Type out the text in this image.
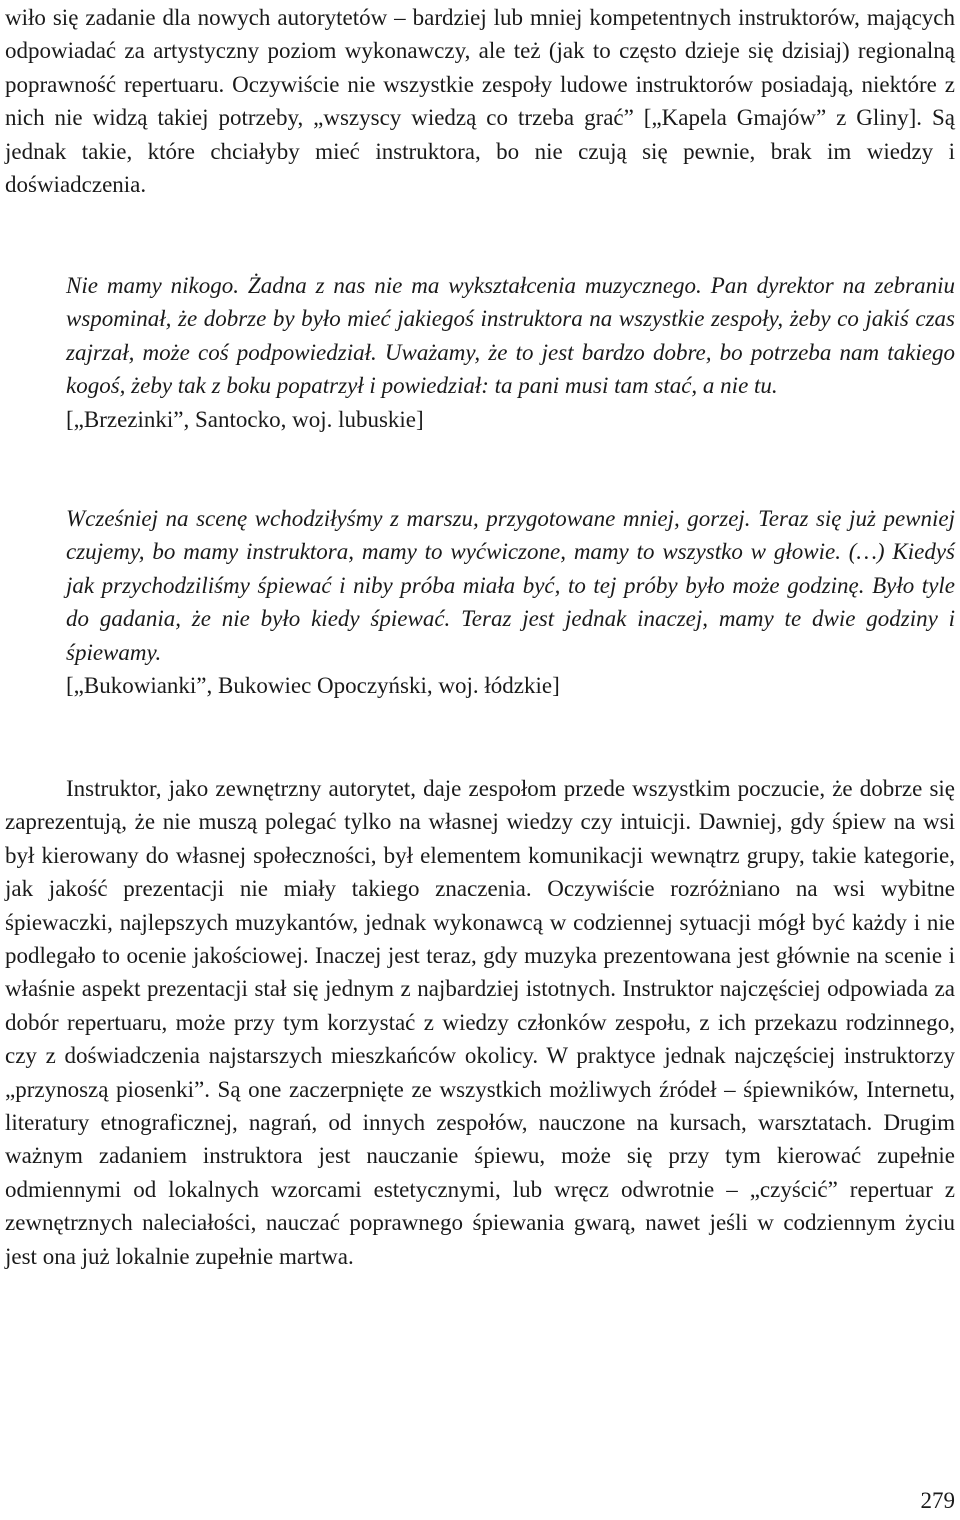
wiło się zadanie dla nowych autorytetów – bardziej lub mniej kompetentnych instruktorów, mających odpowiadać za artystyczny poziom wykonawczy, ale też (jak to często dzieje się dzisiaj) regionalną poprawność repertuaru. Oczywiście nie wszystkie zespoły ludowe instruktorów posiadają, niektóre z nich nie widzą takiej potrzeby, „wszyscy wiedzą co trzeba grać” [„Kapela Gmajów” z Gliny]. Są jednak takie, które chciałyby mieć instruktora, bo nie czują się pewnie, brak im wiedzy i doświadczenia.

Nie mamy nikogo. Żadna z nas nie ma wykształcenia muzycznego. Pan dyrektor na zebraniu wspominał, że dobrze by było mieć jakiegoś instruktora na wszystkie zespoły, żeby co jakiś czas zajrzał, może coś podpowiedział. Uważamy, że to jest bardzo dobre, bo potrzeba nam takiego kogoś, żeby tak z boku popatrzył i powiedział: ta pani musi tam stać, a nie tu.

[„Brzezinki”, Santocko, woj. lubuskie]

Wcześniej na scenę wchodziłyśmy z marszu, przygotowane mniej, gorzej. Teraz się już pewniej czujemy, bo mamy instruktora, mamy to wyćwiczone, mamy to wszystko w głowie. (…) Kiedyś jak przychodziliśmy śpiewać i niby próba miała być, to tej próby było może godzinę. Było tyle do gadania, że nie było kiedy śpiewać. Teraz jest jednak inaczej, mamy te dwie godziny i śpiewamy.

[„Bukowianki”, Bukowiec Opoczyński, woj. łódzkie]

Instruktor, jako zewnętrzny autorytet, daje zespołom przede wszystkim poczucie, że dobrze się zaprezentują, że nie muszą polegać tylko na własnej wiedzy czy intuicji. Dawniej, gdy śpiew na wsi był kierowany do własnej społeczności, był elementem komunikacji wewnątrz grupy, takie kategorie, jak jakość prezentacji nie miały takiego znaczenia. Oczywiście rozróżniano na wsi wybitne śpiewaczki, najlepszych muzykantów, jednak wykonawcą w codziennej sytuacji mógł być każdy i nie podlegało to ocenie jakościowej. Inaczej jest teraz, gdy muzyka prezentowana jest głównie na scenie i właśnie aspekt prezentacji stał się jednym z najbardziej istotnych. Instruktor najczęściej odpowiada za dobór repertuaru, może przy tym korzystać z wiedzy członków zespołu, z ich przekazu rodzinnego, czy z doświadczenia najstarszych mieszkańców okolicy. W praktyce jednak najczęściej instruktorzy „przynoszą piosenki”. Są one zaczerpnięte ze wszystkich możliwych źródeł – śpiewników, Internetu, literatury etnograficznej, nagrań, od innych zespołów, nauczone na kursach, warsztatach. Drugim ważnym zadaniem instruktora jest nauczanie śpiewu, może się przy tym kierować zupełnie odmiennymi od lokalnych wzorcami estetycznymi, lub wręcz odwrotnie – „czyścić” repertuar z zewnętrznych naleciałości, nauczać poprawnego śpiewania gwarą, nawet jeśli w codziennym życiu jest ona już lokalnie zupełnie martwa.

279
